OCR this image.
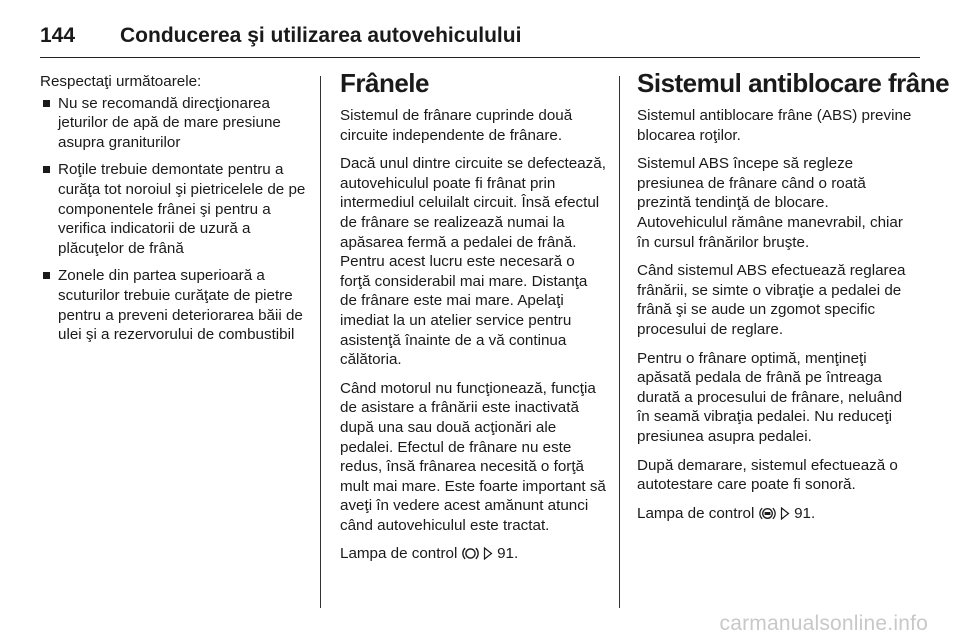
144	Conducerea şi utilizarea autovehiculului

Respectaţi următoarele:

Nu se recomandă direcţionarea jeturilor de apă de mare presiune asupra graniturilor
Roţile trebuie demontate pentru a curăţa tot noroiul şi pietricelele de pe componentele frânei şi pentru a verifica indicatorii de uzură a plăcuţelor de frână
Zonele din partea superioară a scuturilor trebuie curăţate de pietre pentru a preveni deteriorarea băii de ulei şi a rezervorului de combustibil
Frânele

Sistemul de frânare cuprinde două circuite independente de frânare.

Dacă unul dintre circuite se defectează, autovehiculul poate fi frânat prin intermediul celuilalt circuit. Însă efectul de frânare se realizează numai la apăsarea fermă a pedalei de frână. Pentru acest lucru este necesară o forţă considerabil mai mare. Distanţa de frânare este mai mare. Apelaţi imediat la un atelier service pentru asistenţă înainte de a vă continua călătoria.

Când motorul nu funcţionează, funcţia de asistare a frânării este inactivată după una sau două acţionări ale pedalei. Efectul de frânare nu este redus, însă frânarea necesită o forţă mult mai mare. Este foarte important să aveţi în vedere acest amănunt atunci când autovehiculul este tractat.

Lampa de control	91.

Sistemul antiblocare frâne

Sistemul antiblocare frâne (ABS) previne blocarea roţilor.

Sistemul ABS începe să regleze presiunea de frânare când o roată prezintă tendinţă de blocare. Autovehiculul rămâne manevrabil, chiar în cursul frânărilor bruşte.

Când sistemul ABS efectuează reglarea frânării, se simte o vibraţie a pedalei de frână şi se aude un zgomot specific procesului de reglare.

Pentru o frânare optimă, menţineţi apăsată pedala de frână pe întreaga durată a procesului de frânare, neluând în seamă vibraţia pedalei. Nu reduceţi presiunea asupra pedalei.

După demarare, sistemul efectuează o autotestare care poate fi sonoră.

Lampa de control	91.

carmanualsonline.info
